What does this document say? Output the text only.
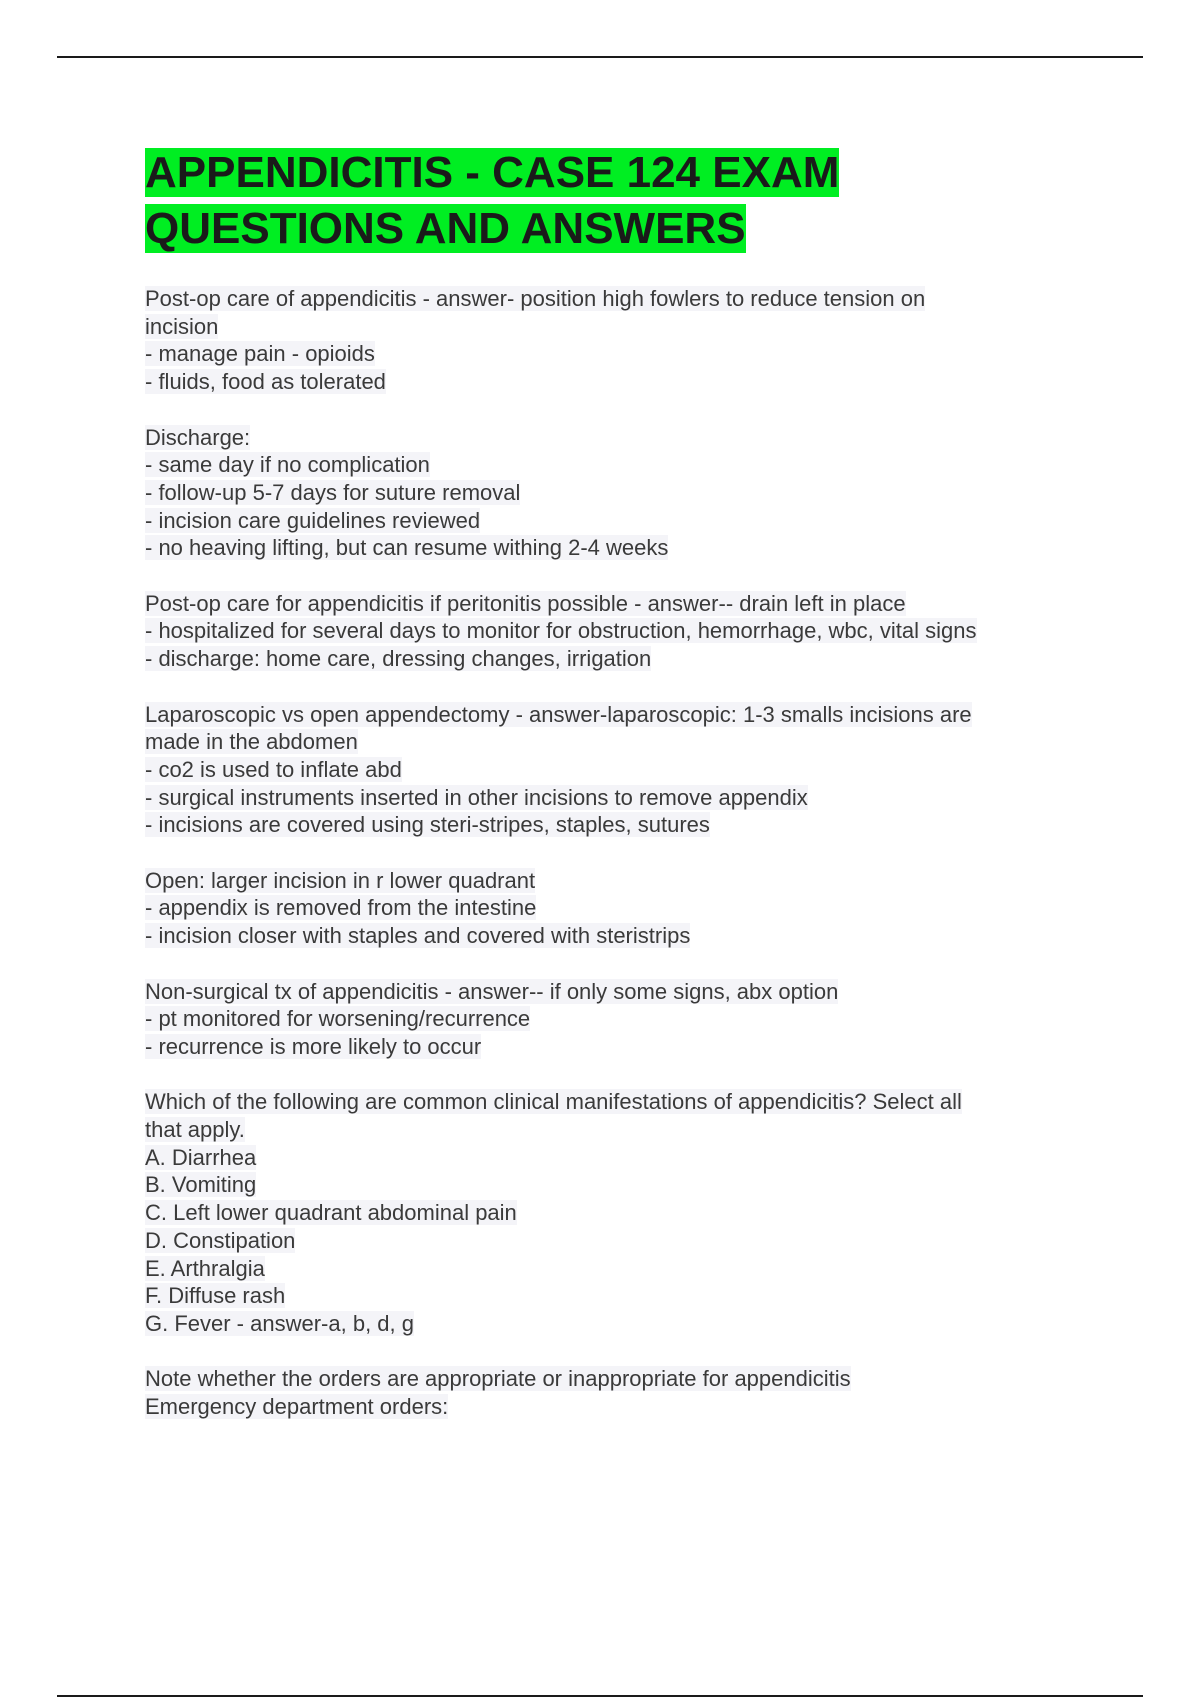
APPENDICITIS - CASE 124 EXAM
QUESTIONS AND ANSWERS
Post-op care of appendicitis - answer- position high fowlers to reduce tension on
incision
- manage pain - opioids
- fluids, food as tolerated
Discharge:
- same day if no complication
- follow-up 5-7 days for suture removal
- incision care guidelines reviewed
- no heaving lifting, but can resume withing 2-4 weeks
Post-op care for appendicitis if peritonitis possible - answer-- drain left in place
- hospitalized for several days to monitor for obstruction, hemorrhage, wbc, vital signs
- discharge: home care, dressing changes, irrigation
Laparoscopic vs open appendectomy - answer-laparoscopic: 1-3 smalls incisions are
made in the abdomen
- co2 is used to inflate abd
- surgical instruments inserted in other incisions to remove appendix
- incisions are covered using steri-stripes, staples, sutures
Open: larger incision in r lower quadrant
- appendix is removed from the intestine
- incision closer with staples and covered with steristrips
Non-surgical tx of appendicitis - answer-- if only some signs, abx option
- pt monitored for worsening/recurrence
- recurrence is more likely to occur
Which of the following are common clinical manifestations of appendicitis? Select all
that apply.
A. Diarrhea
B. Vomiting
C. Left lower quadrant abdominal pain
D. Constipation
E. Arthralgia
F. Diffuse rash
G. Fever - answer-a, b, d, g
Note whether the orders are appropriate or inappropriate for appendicitis
Emergency department orders:
